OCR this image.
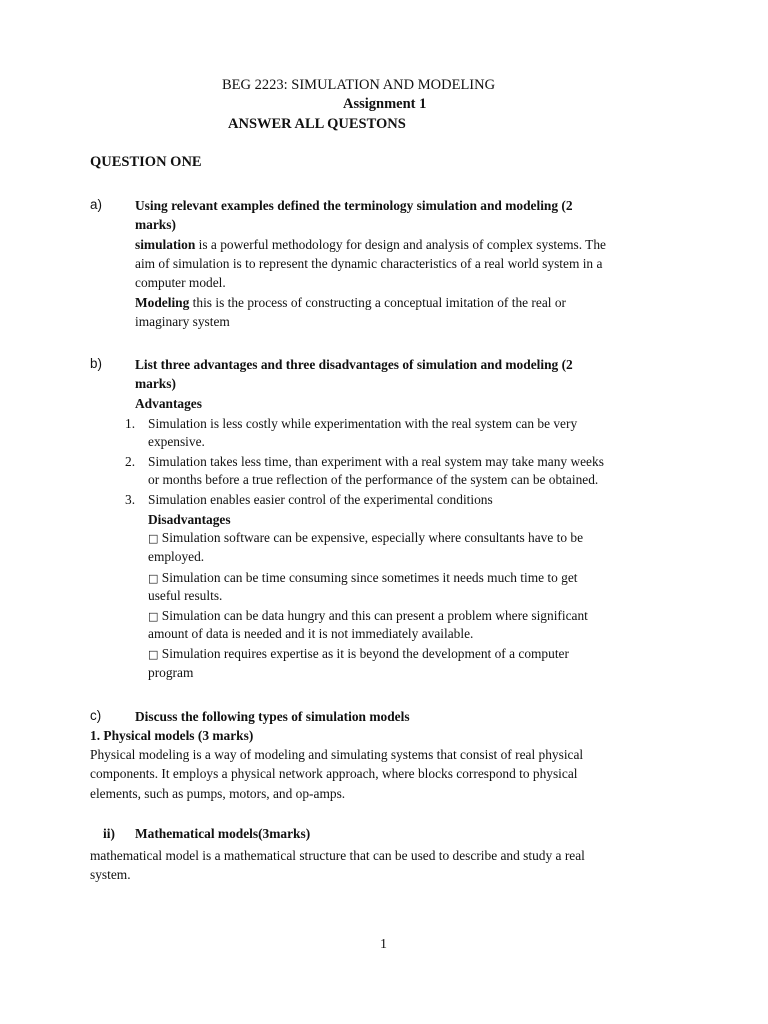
BEG 2223: SIMULATION AND MODELING
Assignment 1
ANSWER ALL QUESTONS
QUESTION ONE
a) Using relevant examples defined the terminology simulation and modeling (2
marks)
simulation is a powerful methodology for design and analysis of complex systems. The
aim of simulation is to represent the dynamic characteristics of a real world system in a
computer model.
Modeling this is the process of constructing a conceptual imitation of the real or
imaginary system
b) List three advantages and three disadvantages of simulation and modeling (2
marks)
Advantages
1. Simulation is less costly while experimentation with the real system can be very
expensive.
2. Simulation takes less time, than experiment with a real system may take many weeks
or months before a true reflection of the performance of the system can be obtained.
3. Simulation enables easier control of the experimental conditions
Disadvantages
□ Simulation software can be expensive, especially where consultants have to be
employed.
□ Simulation can be time consuming since sometimes it needs much time to get
useful results.
□ Simulation can be data hungry and this can present a problem where significant
amount of data is needed and it is not immediately available.
□ Simulation requires expertise as it is beyond the development of a computer
program
c)	Discuss the following types of simulation models
1. Physical models (3 marks)
Physical modeling is a way of modeling and simulating systems that consist of real physical
components. It employs a physical network approach, where blocks correspond to physical
elements, such as pumps, motors, and op-amps.
ii) Mathematical models(3marks)
mathematical model is a mathematical structure that can be used to describe and study a real
system.
1
